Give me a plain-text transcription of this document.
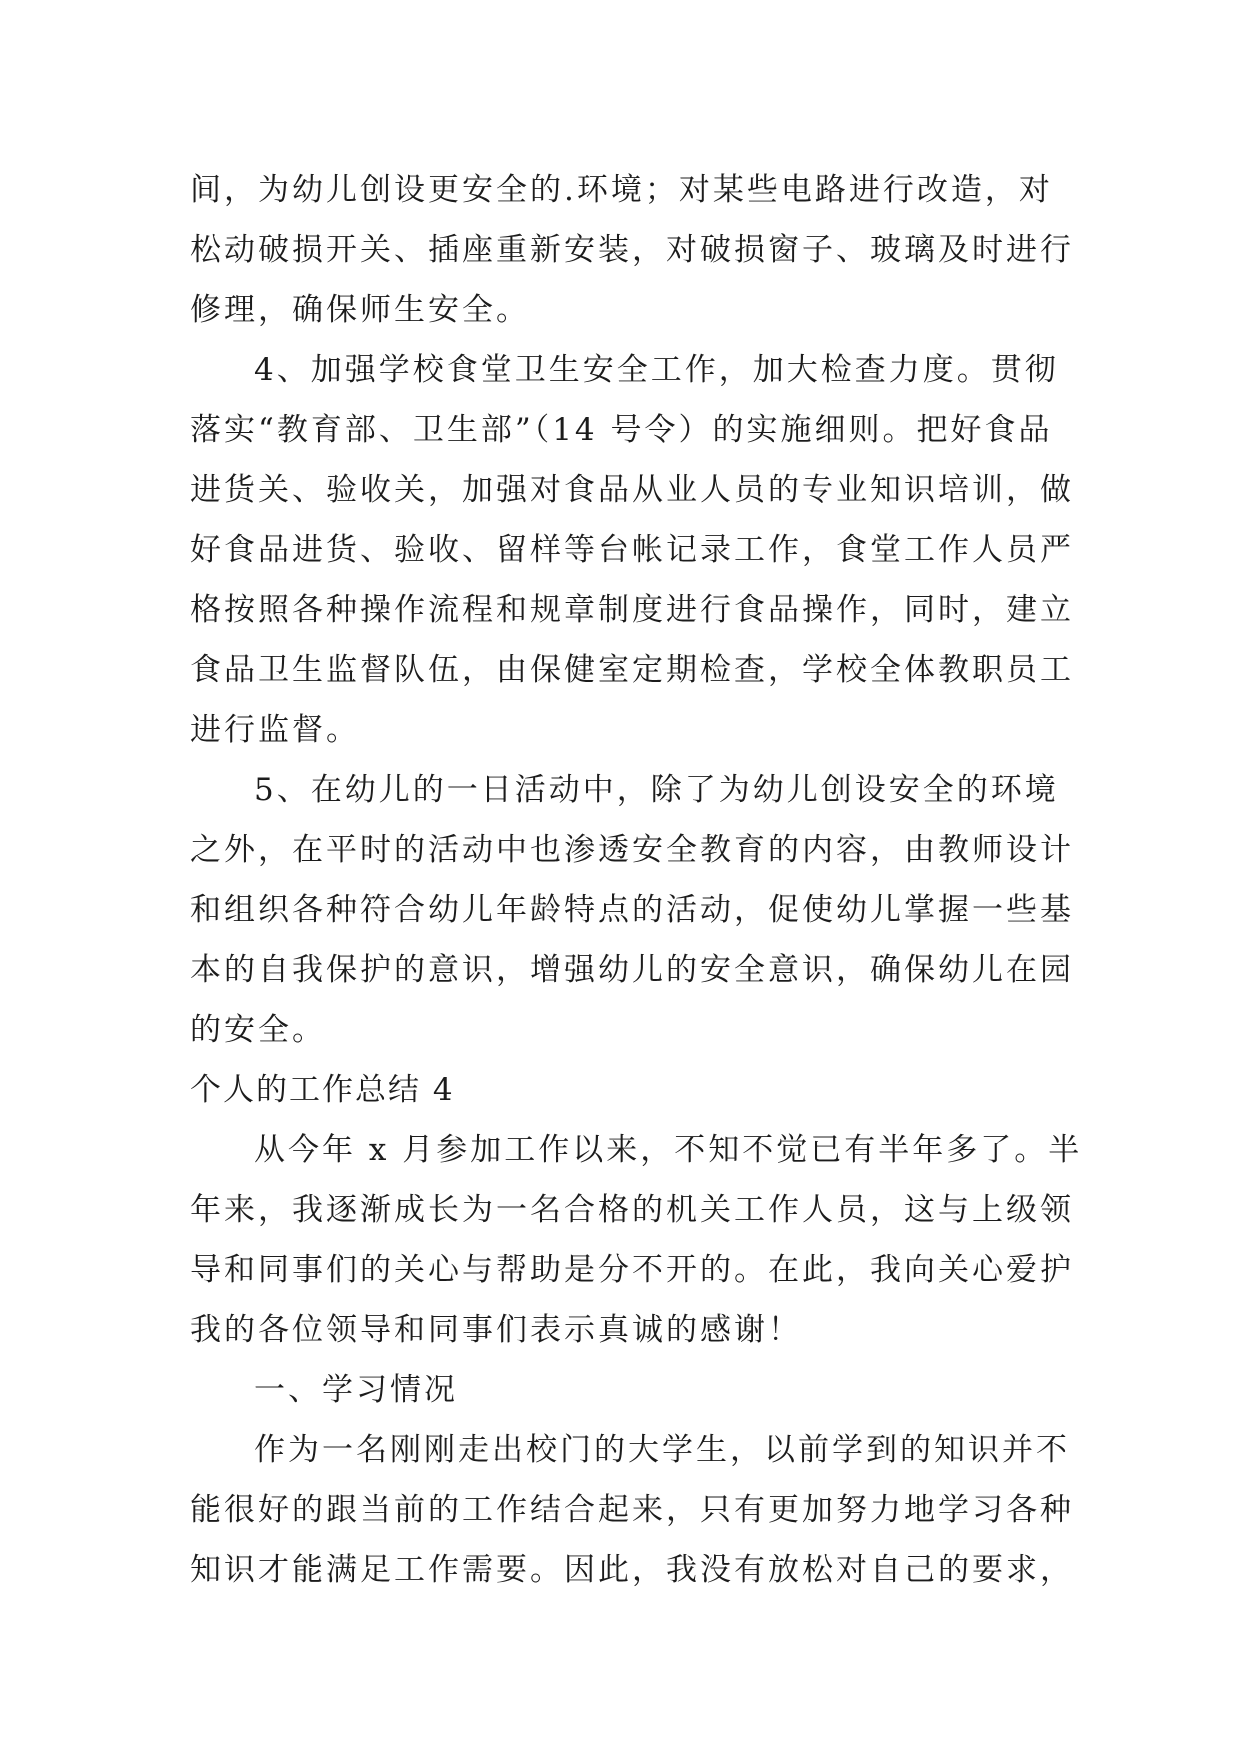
间，为幼儿创设更安全的.环境；对某些电路进行改造，对
松动破损开关、插座重新安装，对破损窗子、玻璃及时进行
修理，确保师生安全。
4、加强学校食堂卫生安全工作，加大检查力度。贯彻
落实“教育部、卫生部”（14 号令）的实施细则。把好食品
进货关、验收关，加强对食品从业人员的专业知识培训，做
好食品进货、验收、留样等台帐记录工作，食堂工作人员严
格按照各种操作流程和规章制度进行食品操作，同时，建立
食品卫生监督队伍，由保健室定期检查，学校全体教职员工
进行监督。
5、在幼儿的一日活动中，除了为幼儿创设安全的环境
之外，在平时的活动中也渗透安全教育的内容，由教师设计
和组织各种符合幼儿年龄特点的活动，促使幼儿掌握一些基
本的自我保护的意识，增强幼儿的安全意识，确保幼儿在园
的安全。
个人的工作总结 4
从今年 x 月参加工作以来，不知不觉已有半年多了。半
年来，我逐渐成长为一名合格的机关工作人员，这与上级领
导和同事们的关心与帮助是分不开的。在此，我向关心爱护
我的各位领导和同事们表示真诚的感谢！
一、学习情况
作为一名刚刚走出校门的大学生，以前学到的知识并不
能很好的跟当前的工作结合起来，只有更加努力地学习各种
知识才能满足工作需要。因此，我没有放松对自己的要求，
